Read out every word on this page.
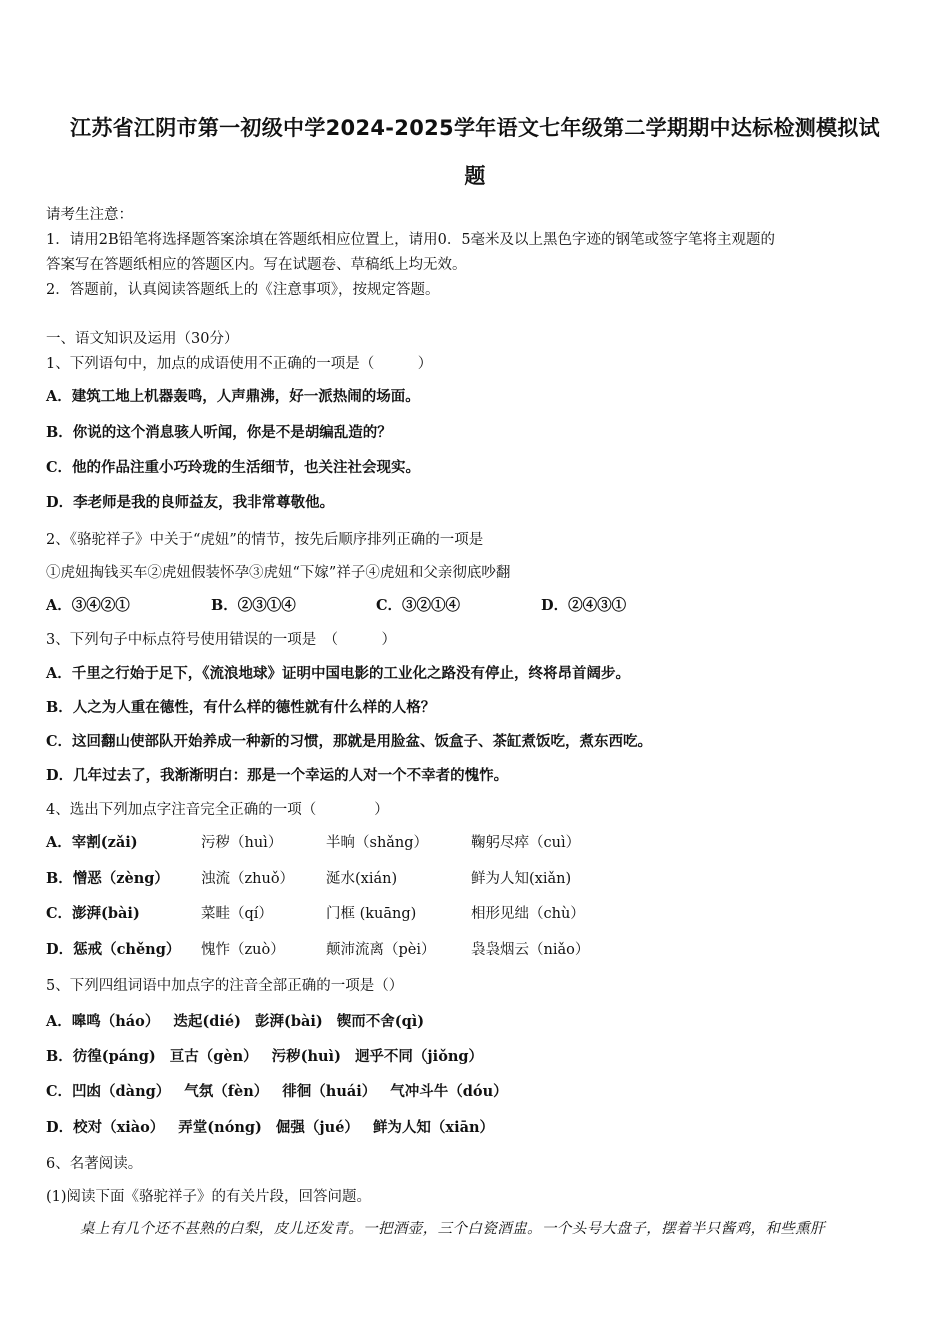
江苏省江阴市第一初级中学2024-2025学年语文七年级第二学期期中达标检测模拟试
题
请考生注意：
1．请用2B铅笔将选择题答案涂填在答题纸相应位置上，请用0．5毫米及以上黑色字迹的钢笔或签字笔将主观题的
答案写在答题纸相应的答题区内。写在试题卷、草稿纸上均无效。
2．答题前，认真阅读答题纸上的《注意事项》，按规定答题。
一、语文知识及运用（30分）
1、下列语句中，加点的成语使用不正确的一项是（　　　）
A．建筑工地上机器轰鸣，人声鼎沸，好一派热闹的场面。
B．你说的这个消息骇人听闻，你是不是胡编乱造的？
C．他的作品注重小巧玲珑的生活细节，也关注社会现实。
D．李老师是我的良师益友，我非常尊敬他。
2、《骆驼祥子》中关于“虎妞”的情节，按先后顺序排列正确的一项是
①虎妞掏钱买车②虎妞假装怀孕③虎妞“下嫁”祥子④虎妞和父亲彻底吵翻
A．③④②①	B．②③①④	C．③②①④	D．②④③①
3、下列句子中标点符号使用错误的一项是　（　　　）
A．千里之行始于足下，《流浪地球》证明中国电影的工业化之路没有停止，终将昂首阔步。
B．人之为人重在德性，有什么样的德性就有什么样的人格？
C．这回翻山使部队开始养成一种新的习惯，那就是用脸盆、饭盒子、茶缸煮饭吃，煮东西吃。
D．几年过去了，我渐渐明白：那是一个幸运的人对一个不幸者的愧怍。
4、选出下列加点字注音完全正确的一项（　　　　）
A．宰割(zǎi)	污秽（huì）	半晌（shǎng）	鞠躬尽瘁（cuì）
B．憎恶（zèng） 浊流（zhuǒ） 涎水(xián)	鲜为人知(xiǎn)
C．澎湃(bài)	菜畦（qí）	门框 (kuāng)	相形见绌（chù）
D．惩戒（chěng） 愧怍（zuò）	颠沛流离（pèi） 袅袅烟云（niǎo）
5、下列四组词语中加点字的注音全部正确的一项是（）
A．嗥鸣（háo） 迭起(dié) 彭湃(bài) 锲而不舍(qì)
B．彷徨(páng) 亘古（gèn） 污秽(huì) 迥乎不同（jiǒng）
C．凹凼（dàng） 气氛（fèn） 徘徊（huái） 气冲斗牛（dóu）
D．校对（xiào） 弄堂(nóng) 倔强（jué） 鲜为人知（xiān）
6、名著阅读。
(1)阅读下面《骆驼祥子》的有关片段，回答问题。
桌上有几个还不甚熟的白梨，皮儿还发青。一把酒壶，三个白瓷酒盅。一个头号大盘子，摆着半只酱鸡，和些熏肝
